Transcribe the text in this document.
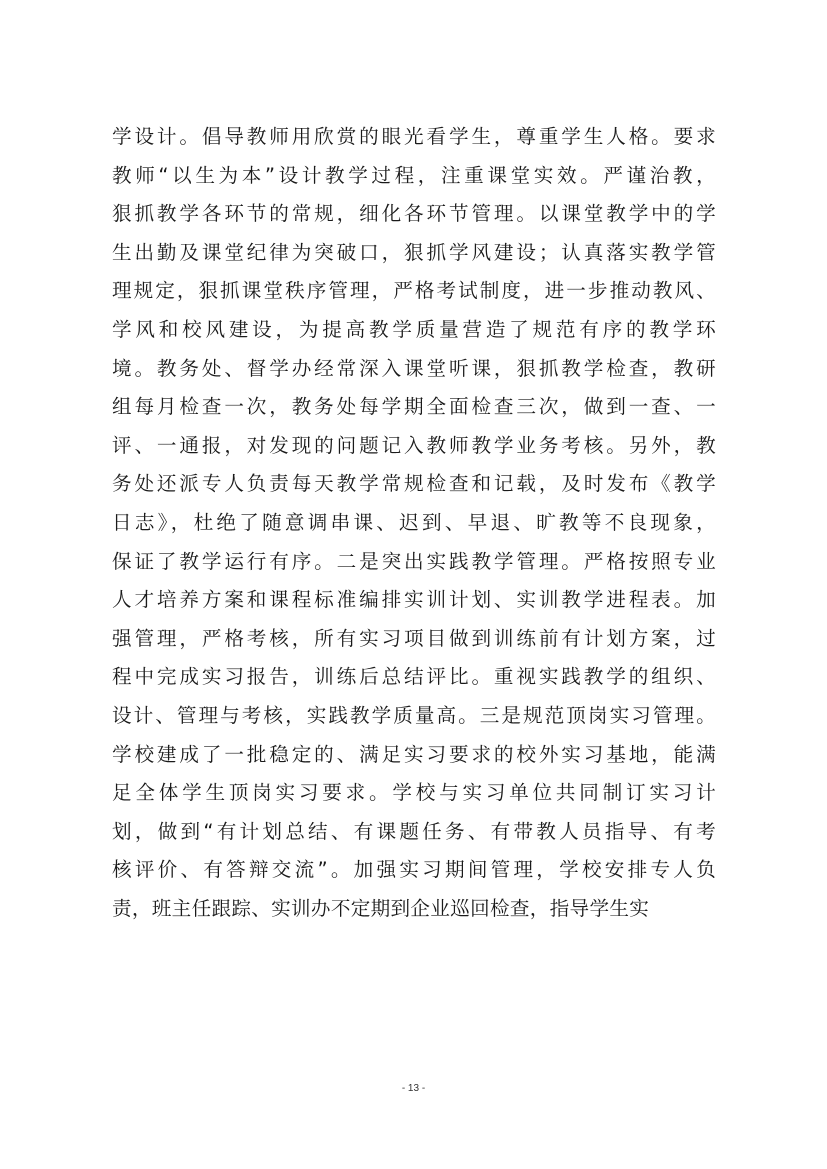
学设计。倡导教师用欣赏的眼光看学生，尊重学生人格。要求
教师“以生为本”设计教学过程，注重课堂实效。严谨治教，
狠抓教学各环节的常规，细化各环节管理。以课堂教学中的学
生出勤及课堂纪律为突破口，狠抓学风建设；认真落实教学管
理规定，狠抓课堂秩序管理，严格考试制度，进一步推动教风、
学风和校风建设，为提高教学质量营造了规范有序的教学环
境。教务处、督学办经常深入课堂听课，狠抓教学检查，教研
组每月检查一次，教务处每学期全面检查三次，做到一查、一
评、一通报，对发现的问题记入教师教学业务考核。另外，教
务处还派专人负责每天教学常规检查和记载，及时发布《教学
日志》，杜绝了随意调串课、迟到、早退、旷教等不良现象，
保证了教学运行有序。二是突出实践教学管理。严格按照专业
人才培养方案和课程标准编排实训计划、实训教学进程表。加
强管理，严格考核，所有实习项目做到训练前有计划方案，过
程中完成实习报告，训练后总结评比。重视实践教学的组织、
设计、管理与考核，实践教学质量高。三是规范顶岗实习管理。
学校建成了一批稳定的、满足实习要求的校外实习基地，能满
足全体学生顶岗实习要求。学校与实习单位共同制订实习计
划，做到“有计划总结、有课题任务、有带教人员指导、有考
核评价、有答辩交流”。加强实习期间管理，学校安排专人负
责，班主任跟踪、实训办不定期到企业巡回检查，指导学生实
- 13 -
